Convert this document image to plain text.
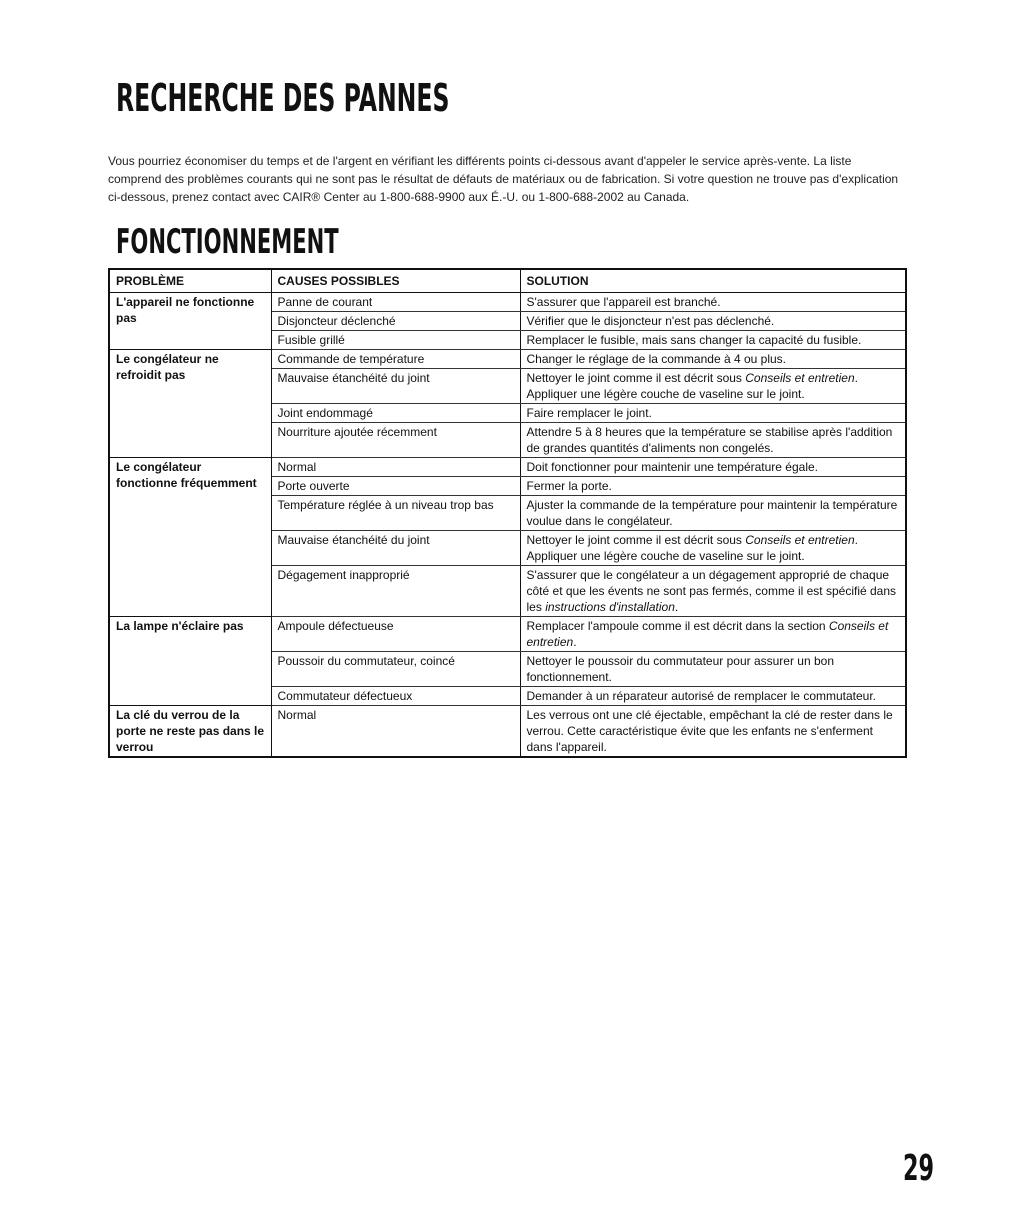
RECHERCHE DES PANNES
Vous pourriez économiser du temps et de l'argent en vérifiant les différents points ci-dessous avant d'appeler le service après-vente. La liste comprend des problèmes courants qui ne sont pas le résultat de défauts de matériaux ou de fabrication. Si votre question ne trouve pas d'explication ci-dessous, prenez contact avec CAIR® Center au 1-800-688-9900 aux É.-U. ou 1-800-688-2002 au Canada.
FONCTIONNEMENT
PROBLÈME	CAUSES POSSIBLES	SOLUTION
L'appareil ne fonctionne pas	Panne de courant	S'assurer que l'appareil est branché.
	Disjoncteur déclenché	Vérifier que le disjoncteur n'est pas déclenché.
	Fusible grillé	Remplacer le fusible, mais sans changer la capacité du fusible.
Le congélateur ne refroidit pas	Commande de température	Changer le réglage de la commande à 4 ou plus.
	Mauvaise étanchéité du joint	Nettoyer le joint comme il est décrit sous Conseils et entretien. Appliquer une légère couche de vaseline sur le joint.
	Joint endommagé	Faire remplacer le joint.
	Nourriture ajoutée récemment	Attendre 5 à 8 heures que la température se stabilise après l'addition de grandes quantités d'aliments non congelés.
Le congélateur fonctionne fréquemment	Normal	Doit fonctionner pour maintenir une température égale.
	Porte ouverte	Fermer la porte.
	Température réglée à un niveau trop bas	Ajuster la commande de la température pour maintenir la température voulue dans le congélateur.
	Mauvaise étanchéité du joint	Nettoyer le joint comme il est décrit sous Conseils et entretien. Appliquer une légère couche de vaseline sur le joint.
	Dégagement inapproprié	S'assurer que le congélateur a un dégagement approprié de chaque côté et que les évents ne sont pas fermés, comme il est spécifié dans les instructions d'installation.
La lampe n'éclaire pas	Ampoule défectueuse	Remplacer l'ampoule comme il est décrit dans la section Conseils et entretien.
	Poussoir du commutateur, coincé	Nettoyer le poussoir du commutateur pour assurer un bon fonctionnement.
	Commutateur défectueux	Demander à un réparateur autorisé de remplacer le commutateur.
La clé du verrou de la porte ne reste pas dans le verrou	Normal	Les verrous ont une clé éjectable, empêchant la clé de rester dans le verrou. Cette caractéristique évite que les enfants ne s'enferment dans l'appareil.
29
